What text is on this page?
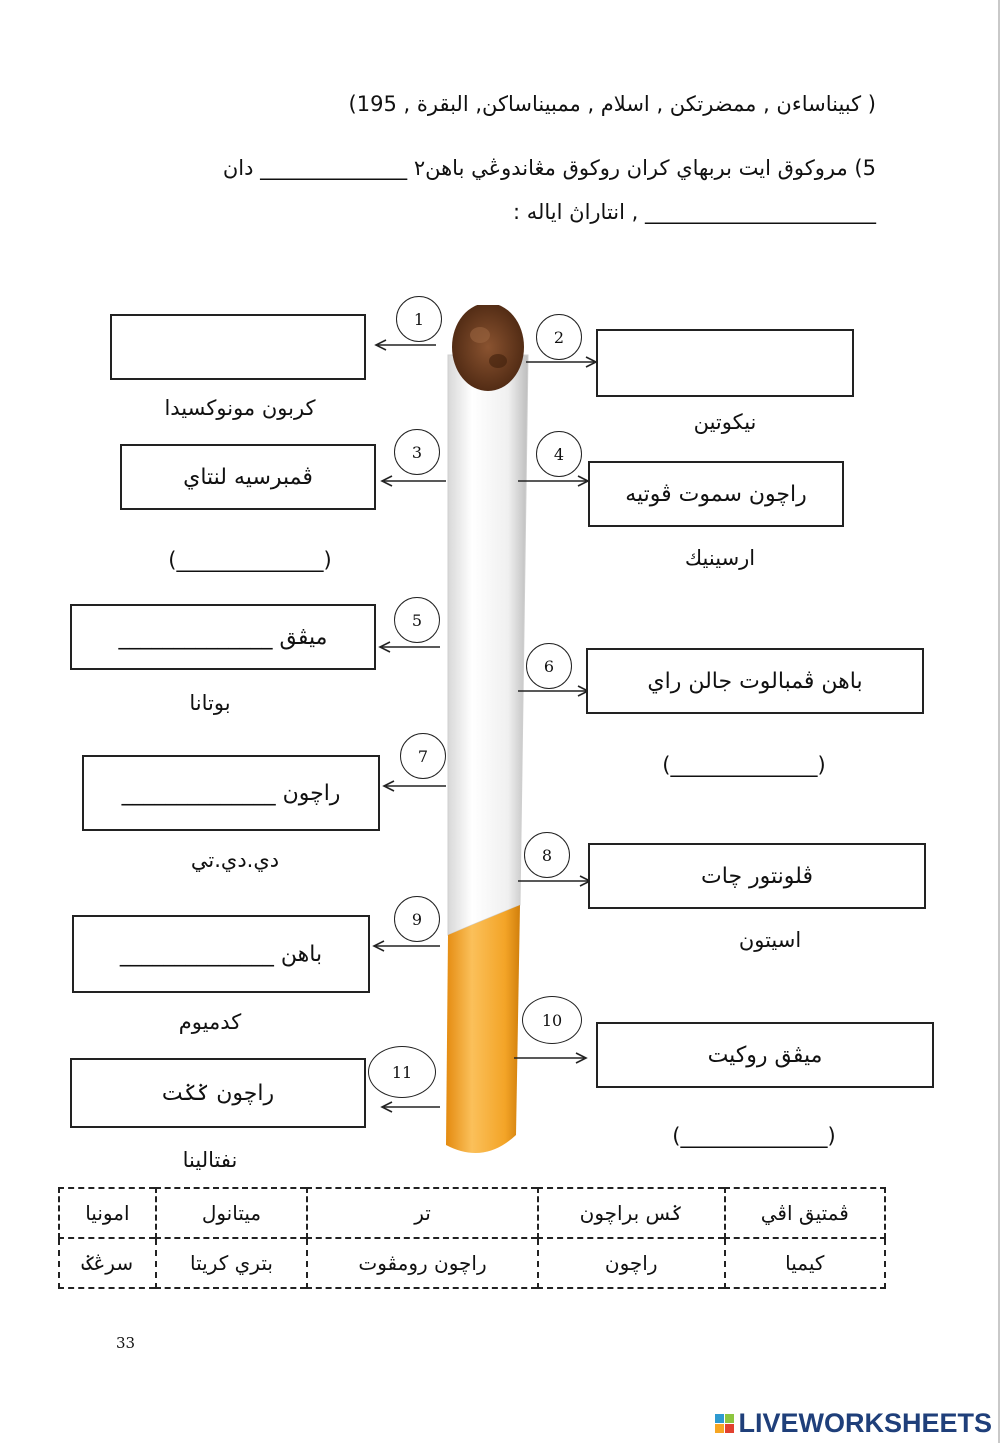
( كبيناساءن , ممضرتكن , اسلام , ممبيناساكن, البقرة , 195)
5) مروكوق ايت بربهاي كران روكوق مڠاندوڠي باهن٢ ______________ دان
______________________ , انتاراڽ اياله :
1
2
3	4
5
6
7
8
9
10
11
ڤمبرسيه لنتاي
راچون سموت ڤوتيه
ميڤق ______________
باهن ڤمبالوت جالن راي
راچون ______________
ڤلونتور چات
باهن ______________
ميڤق روكيت
راچون ݢݢت
كربون مونوكسيدا
نيكوتين
(______________)	ارسينيك
بوتانا
(______________)
دي.دي.تي
اسيتون
كدميوم
(______________)
نفتالينا
ڤمتيق اڤي	ݢس براچون	تر	ميتانول	امونيا
كيميا	راچون	راچون رومڤوت	بتري كريتا	سرڠݢ
33
LIVEWORKSHEETS
